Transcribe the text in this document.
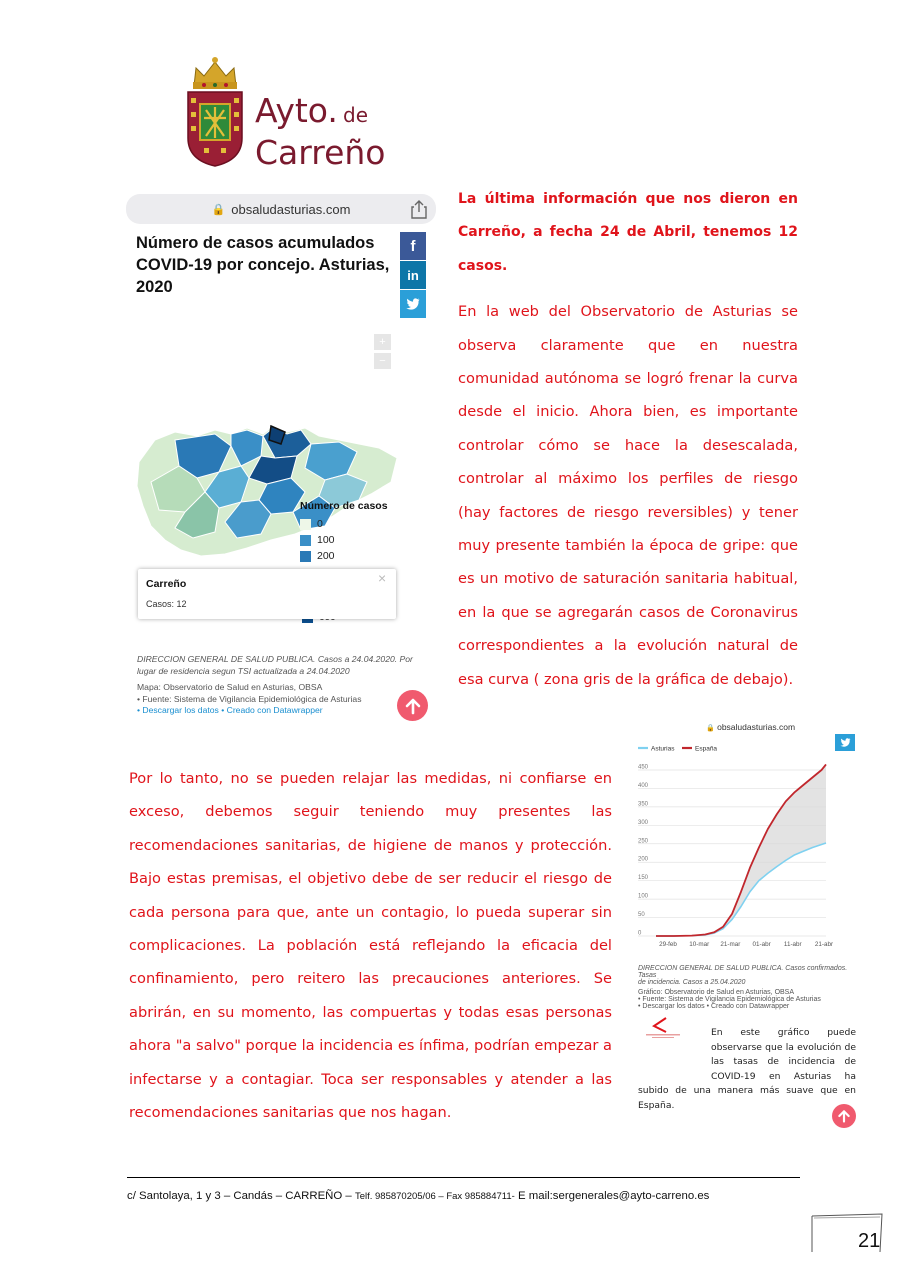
Ayto. de
Carreño
🔒 obsaludasturias.com
Número de casos acumulados COVID-19 por concejo. Asturias, 2020
f
in
+
−
Número de casos
0
100
200
Carreño
Casos: 12
×
DIRECCION GENERAL DE SALUD PUBLICA. Casos a 24.04.2020. Por
lugar de residencia segun TSI actualizada a 24.04.2020
Mapa: Observatorio de Salud en Asturias, OBSA
• Fuente: Sistema de Vigilancia Epidemiológica de Asturias
• Descargar los datos • Creado con Datawrapper

La última información que nos dieron en Carreño, a fecha 24 de Abril, tenemos 12 casos.

En la web del Observatorio de Asturias se observa claramente que en nuestra comunidad autónoma se logró frenar la curva desde el inicio. Ahora bien, es importante controlar cómo se hace la desescalada, controlar al máximo los perfiles de riesgo (hay factores de riesgo reversibles) y tener muy presente también la época de gripe: que es un motivo de saturación sanitaria habitual, en la que se agregarán casos de Coronavirus correspondientes a la evolución natural de esa curva ( zona gris de la gráfica de debajo).

Por lo tanto, no se pueden relajar las medidas, ni confiarse en exceso, debemos seguir teniendo muy presentes las recomendaciones sanitarias, de higiene de manos y protección. Bajo estas premisas, el objetivo debe de ser reducir el riesgo de cada persona para que, ante un contagio, lo pueda superar sin complicaciones. La población está reflejando la eficacia del confinamiento, pero reitero las precauciones anteriores. Se abrirán, en su momento, las compuertas y todas esas personas ahora "a salvo" porque la incidencia es ínfima, podrían empezar a infectarse y a contagiar. Toca ser responsables y atender a las recomendaciones sanitarias que nos hagan.

🔒 obsaludasturias.com
Asturias	España
0
50
100
150
200
250
300
350
400
450
29-feb 10-mar 21-mar 01-abr 11-abr 21-abr
DIRECCION GENERAL DE SALUD PUBLICA. Casos confirmados. Tasas
de incidencia. Casos a 25.04.2020
Gráfico: Observatorio de Salud en Asturias, OBSA
• Fuente: Sistema de Vigilancia Epidemiológica de Asturias
• Descargar los datos • Creado con Datawrapper
En este gráfico puede observarse que la evolución de las tasas de incidencia de COVID-19 en Asturias ha subido de una manera más suave que en España.
c/ Santolaya, 1 y 3 – Candás – CARREÑO – Telf. 985870205/06 – Fax 985884711- E mail:sergenerales@ayto-carreno.es
21
